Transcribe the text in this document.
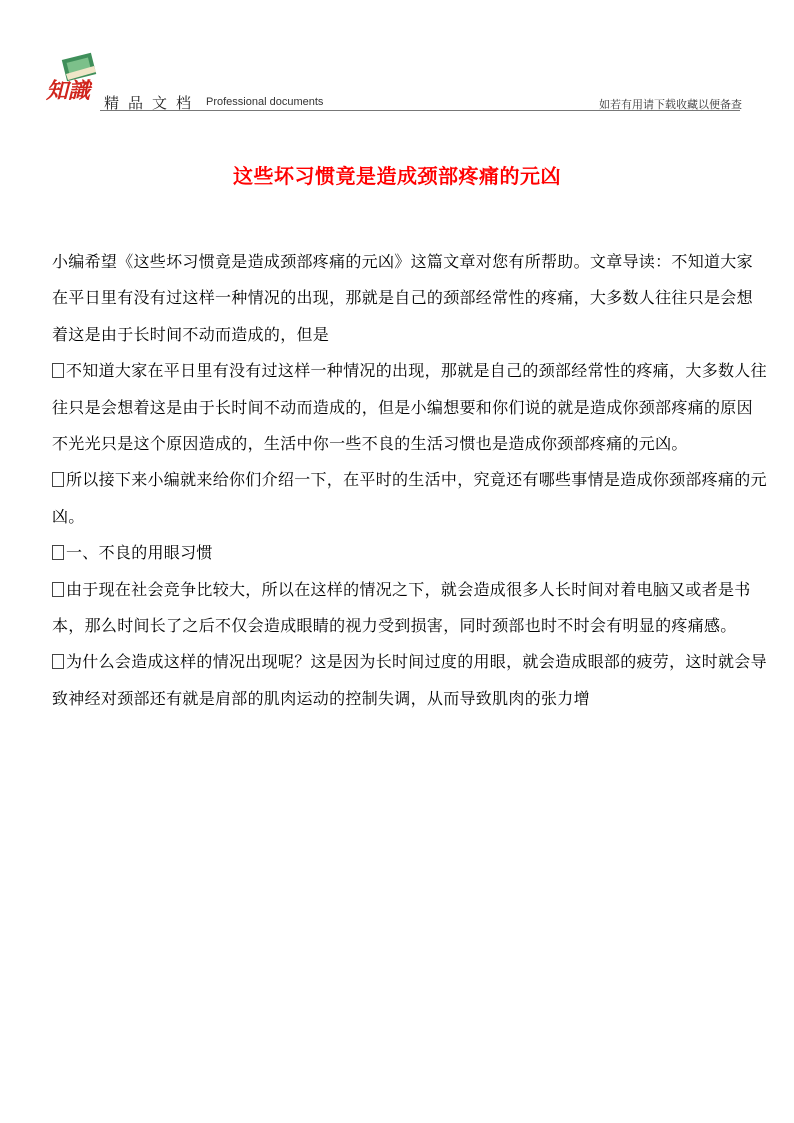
知識 精品文档 Professional documents	如若有用请下载收藏以便备查
这些坏习惯竟是造成颈部疼痛的元凶

小编希望《这些坏习惯竟是造成颈部疼痛的元凶》这篇文章对您有所帮助。文章导读：不知道大家在平日里有没有过这样一种情况的出现，那就是自己的颈部经常性的疼痛，大多数人往往只是会想着这是由于长时间不动而造成的，但是

不知道大家在平日里有没有过这样一种情况的出现，那就是自己的颈部经常性的疼痛，大多数人往往只是会想着这是由于长时间不动而造成的，但是小编想要和你们说的就是造成你颈部疼痛的原因不光光只是这个原因造成的，生活中你一些不良的生活习惯也是造成你颈部疼痛的元凶。

所以接下来小编就来给你们介绍一下，在平时的生活中，究竟还有哪些事情是造成你颈部疼痛的元凶。

一、不良的用眼习惯

由于现在社会竞争比较大，所以在这样的情况之下，就会造成很多人长时间对着电脑又或者是书本，那么时间长了之后不仅会造成眼睛的视力受到损害，同时颈部也时不时会有明显的疼痛感。

为什么会造成这样的情况出现呢？这是因为长时间过度的用眼，就会造成眼部的疲劳，这时就会导致神经对颈部还有就是肩部的肌肉运动的控制失调，从而导致肌肉的张力增
